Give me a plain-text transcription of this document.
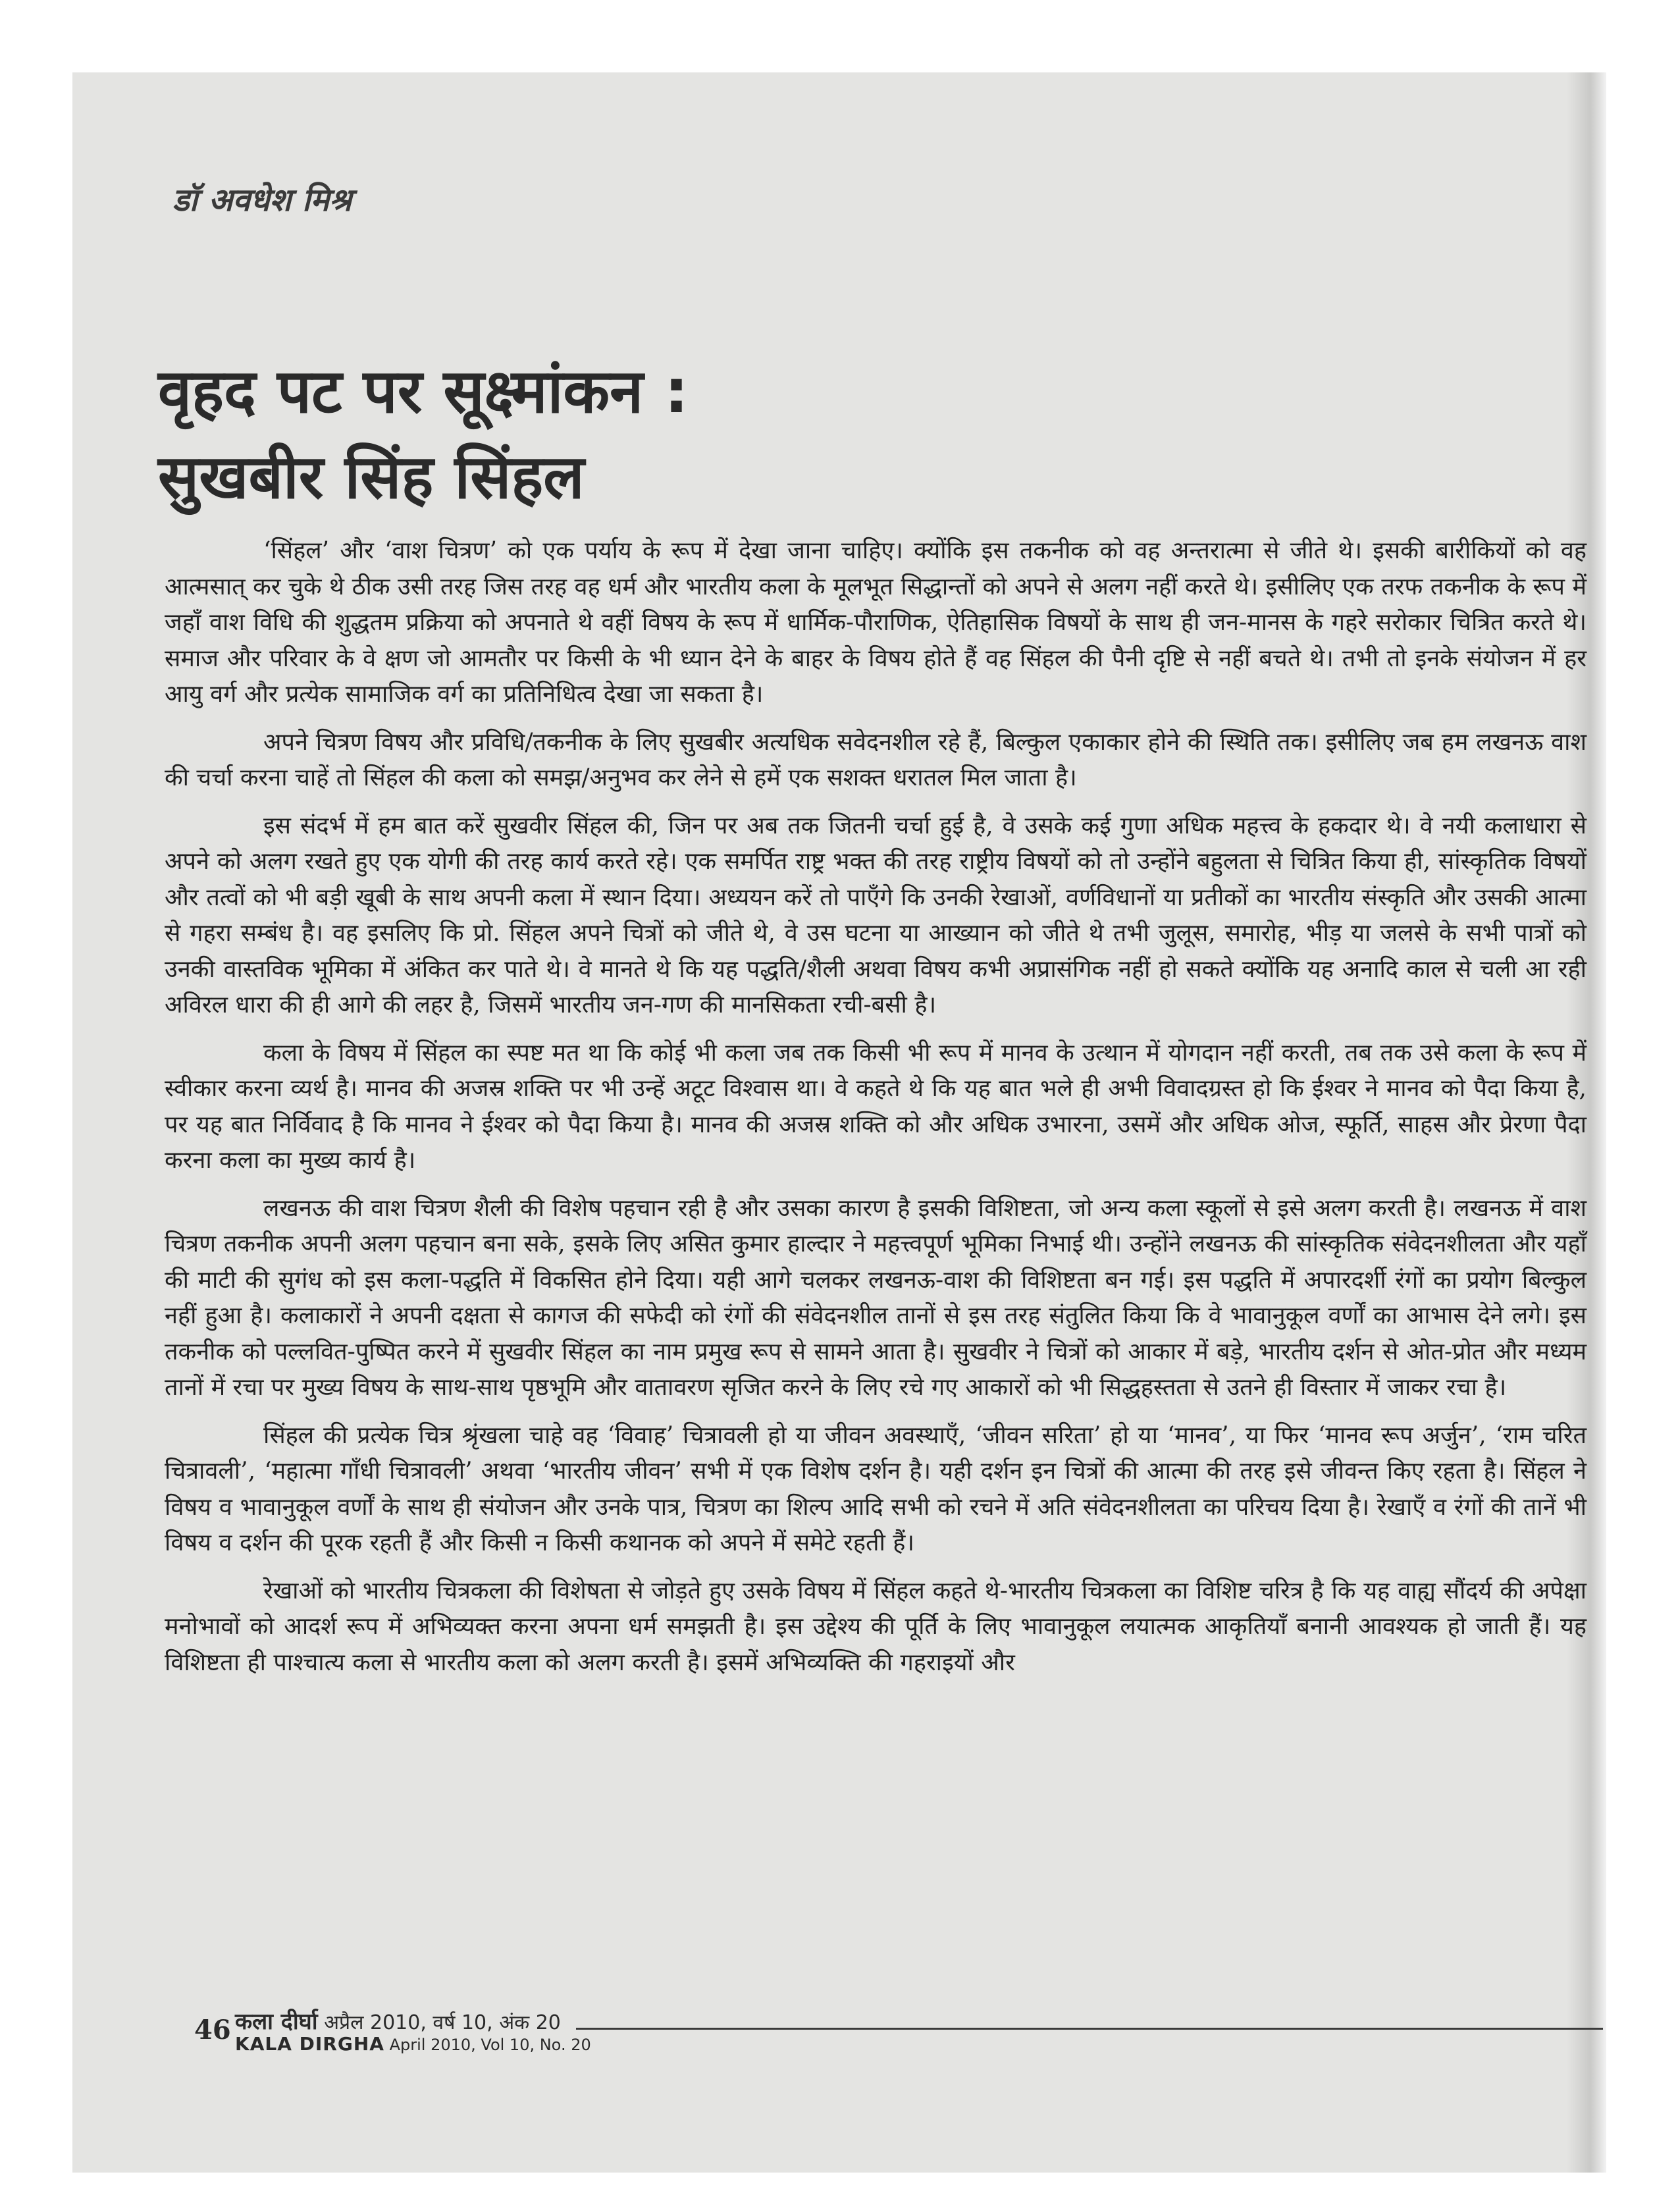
डॉ अवधेश मिश्र
वृहद पट पर सूक्ष्मांकन :
सुखबीर सिंह सिंहल

‘सिंहल’ और ‘वाश चित्रण’ को एक पर्याय के रूप में देखा जाना चाहिए। क्योंकि इस तकनीक को वह अन्तरात्मा से जीते थे। इसकी बारीकियों को वह आत्मसात् कर चुके थे ठीक उसी तरह जिस तरह वह धर्म और भारतीय कला के मूलभूत सिद्धान्तों को अपने से अलग नहीं करते थे। इसीलिए एक तरफ तकनीक के रूप में जहाँ वाश विधि की शुद्धतम प्रक्रिया को अपनाते थे वहीं विषय के रूप में धार्मिक-पौराणिक, ऐतिहासिक विषयों के साथ ही जन-मानस के गहरे सरोकार चित्रित करते थे। समाज और परिवार के वे क्षण जो आमतौर पर किसी के भी ध्यान देने के बाहर के विषय होते हैं वह सिंहल की पैनी दृष्टि से नहीं बचते थे। तभी तो इनके संयोजन में हर आयु वर्ग और प्रत्येक सामाजिक वर्ग का प्रतिनिधित्व देखा जा सकता है।

अपने चित्रण विषय और प्रविधि/तकनीक के लिए सुखबीर अत्यधिक सवेदनशील रहे हैं, बिल्कुल एकाकार होने की स्थिति तक। इसीलिए जब हम लखनऊ वाश की चर्चा करना चाहें तो सिंहल की कला को समझ/अनुभव कर लेने से हमें एक सशक्त धरातल मिल जाता है।

इस संदर्भ में हम बात करें सुखवीर सिंहल की, जिन पर अब तक जितनी चर्चा हुई है, वे उसके कई गुणा अधिक महत्त्व के हकदार थे। वे नयी कलाधारा से अपने को अलग रखते हुए एक योगी की तरह कार्य करते रहे। एक समर्पित राष्ट्र भक्त की तरह राष्ट्रीय विषयों को तो उन्होंने बहुलता से चित्रित किया ही, सांस्कृतिक विषयों और तत्वों को भी बड़ी खूबी के साथ अपनी कला में स्थान दिया। अध्ययन करें तो पाएँगे कि उनकी रेखाओं, वर्णविधानों या प्रतीकों का भारतीय संस्कृति और उसकी आत्मा से गहरा सम्बंध है। वह इसलिए कि प्रो. सिंहल अपने चित्रों को जीते थे, वे उस घटना या आख्यान को जीते थे तभी जुलूस, समारोह, भीड़ या जलसे के सभी पात्रों को उनकी वास्तविक भूमिका में अंकित कर पाते थे। वे मानते थे कि यह पद्धति/शैली अथवा विषय कभी अप्रासंगिक नहीं हो सकते क्योंकि यह अनादि काल से चली आ रही अविरल धारा की ही आगे की लहर है, जिसमें भारतीय जन-गण की मानसिकता रची-बसी है।

कला के विषय में सिंहल का स्पष्ट मत था कि कोई भी कला जब तक किसी भी रूप में मानव के उत्थान में योगदान नहीं करती, तब तक उसे कला के रूप में स्वीकार करना व्यर्थ है। मानव की अजस्र शक्ति पर भी उन्हें अटूट विश्वास था। वे कहते थे कि यह बात भले ही अभी विवादग्रस्त हो कि ईश्वर ने मानव को पैदा किया है, पर यह बात निर्विवाद है कि मानव ने ईश्वर को पैदा किया है। मानव की अजस्र शक्ति को और अधिक उभारना, उसमें और अधिक ओज, स्फूर्ति, साहस और प्रेरणा पैदा करना कला का मुख्य कार्य है।

लखनऊ की वाश चित्रण शैली की विशेष पहचान रही है और उसका कारण है इसकी विशिष्टता, जो अन्य कला स्कूलों से इसे अलग करती है। लखनऊ में वाश चित्रण तकनीक अपनी अलग पहचान बना सके, इसके लिए असित कुमार हाल्दार ने महत्त्वपूर्ण भूमिका निभाई थी। उन्होंने लखनऊ की सांस्कृतिक संवेदनशीलता और यहाँ की माटी की सुगंध को इस कला-पद्धति में विकसित होने दिया। यही आगे चलकर लखनऊ-वाश की विशिष्टता बन गई। इस पद्धति में अपारदर्शी रंगों का प्रयोग बिल्कुल नहीं हुआ है। कलाकारों ने अपनी दक्षता से कागज की सफेदी को रंगों की संवेदनशील तानों से इस तरह संतुलित किया कि वे भावानुकूल वर्णों का आभास देने लगे। इस तकनीक को पल्लवित-पुष्पित करने में सुखवीर सिंहल का नाम प्रमुख रूप से सामने आता है। सुखवीर ने चित्रों को आकार में बड़े, भारतीय दर्शन से ओत-प्रोत और मध्यम तानों में रचा पर मुख्य विषय के साथ-साथ पृष्ठभूमि और वातावरण सृजित करने के लिए रचे गए आकारों को भी सिद्धहस्तता से उतने ही विस्तार में जाकर रचा है।

सिंहल की प्रत्येक चित्र श्रृंखला चाहे वह ‘विवाह’ चित्रावली हो या जीवन अवस्थाएँ, ‘जीवन सरिता’ हो या ‘मानव’, या फिर ‘मानव रूप अर्जुन’, ‘राम चरित चित्रावली’, ‘महात्मा गाँधी चित्रावली’ अथवा ‘भारतीय जीवन’ सभी में एक विशेष दर्शन है। यही दर्शन इन चित्रों की आत्मा की तरह इसे जीवन्त किए रहता है। सिंहल ने विषय व भावानुकूल वर्णों के साथ ही संयोजन और उनके पात्र, चित्रण का शिल्प आदि सभी को रचने में अति संवेदनशीलता का परिचय दिया है। रेखाएँ व रंगों की तानें भी विषय व दर्शन की पूरक रहती हैं और किसी न किसी कथानक को अपने में समेटे रहती हैं।

रेखाओं को भारतीय चित्रकला की विशेषता से जोड़ते हुए उसके विषय में सिंहल कहते थे-भारतीय चित्रकला का विशिष्ट चरित्र है कि यह वाह्य सौंदर्य की अपेक्षा मनोभावों को आदर्श रूप में अभिव्यक्त करना अपना धर्म समझती है। इस उद्देश्य की पूर्ति के लिए भावानुकूल लयात्मक आकृतियाँ बनानी आवश्यक हो जाती हैं। यह विशिष्टता ही पाश्चात्य कला से भारतीय कला को अलग करती है। इसमें अभिव्यक्ति की गहराइयों और

46 कला दीर्घा अप्रैल 2010, वर्ष 10, अंक 20
KALA DIRGHA April 2010, Vol 10, No. 20
